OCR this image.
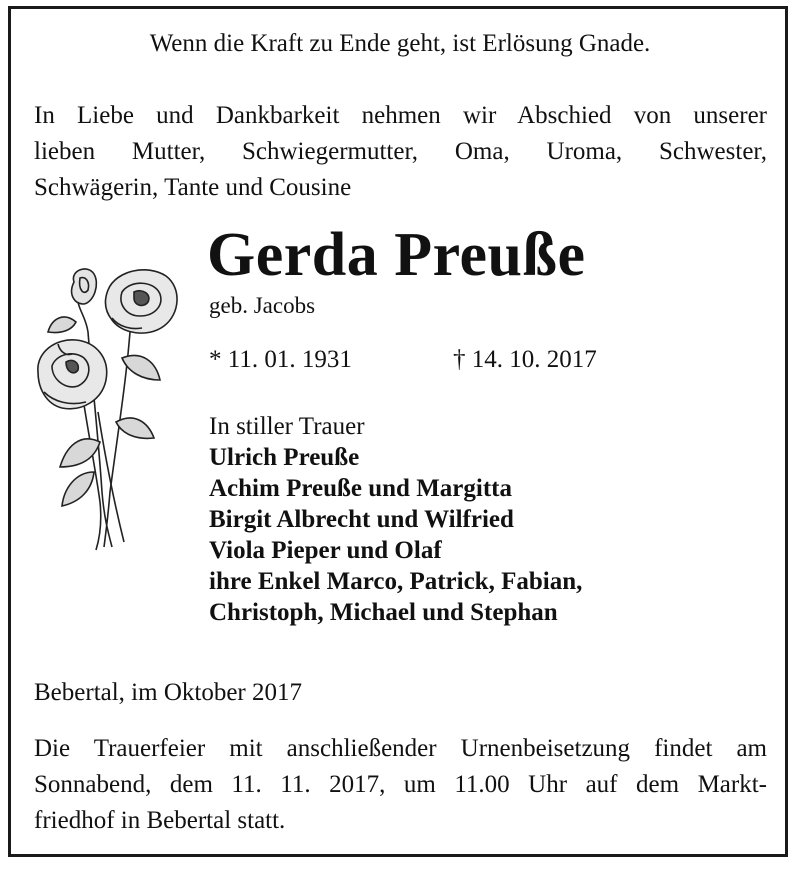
Wenn die Kraft zu Ende geht, ist Erlösung Gnade.
In Liebe und Dankbarkeit nehmen wir Abschied von unserer
lieben Mutter, Schwiegermutter, Oma, Uroma, Schwester,
Schwägerin, Tante und Cousine
Gerda Preuße
geb. Jacobs
* 11. 01. 1931	† 14. 10. 2017
In stiller Trauer
Ulrich Preuße
Achim Preuße und Margitta
Birgit Albrecht und Wilfried
Viola Pieper und Olaf
ihre Enkel Marco, Patrick, Fabian,
Christoph, Michael und Stephan
Bebertal, im Oktober 2017
Die Trauerfeier mit anschließender Urnenbeisetzung findet am
Sonnabend, dem 11. 11. 2017, um 11.00 Uhr auf dem Markt-
friedhof in Bebertal statt.
